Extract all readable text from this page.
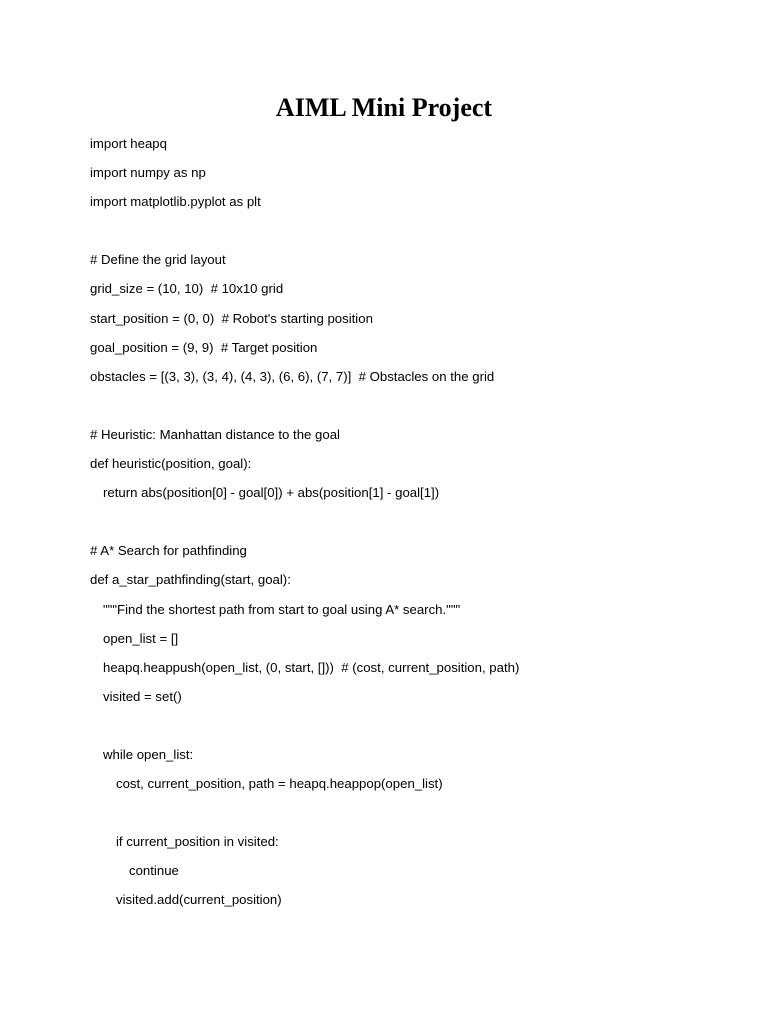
AIML Mini Project
import heapq
import numpy as np
import matplotlib.pyplot as plt
# Define the grid layout
grid_size = (10, 10)  # 10x10 grid
start_position = (0, 0)  # Robot's starting position
goal_position = (9, 9)  # Target position
obstacles = [(3, 3), (3, 4), (4, 3), (6, 6), (7, 7)]  # Obstacles on the grid
# Heuristic: Manhattan distance to the goal
def heuristic(position, goal):
return abs(position[0] - goal[0]) + abs(position[1] - goal[1])
# A* Search for pathfinding
def a_star_pathfinding(start, goal):
"""Find the shortest path from start to goal using A* search."""
open_list = []
heapq.heappush(open_list, (0, start, []))  # (cost, current_position, path)
visited = set()
while open_list:
cost, current_position, path = heapq.heappop(open_list)
if current_position in visited:
continue
visited.add(current_position)
